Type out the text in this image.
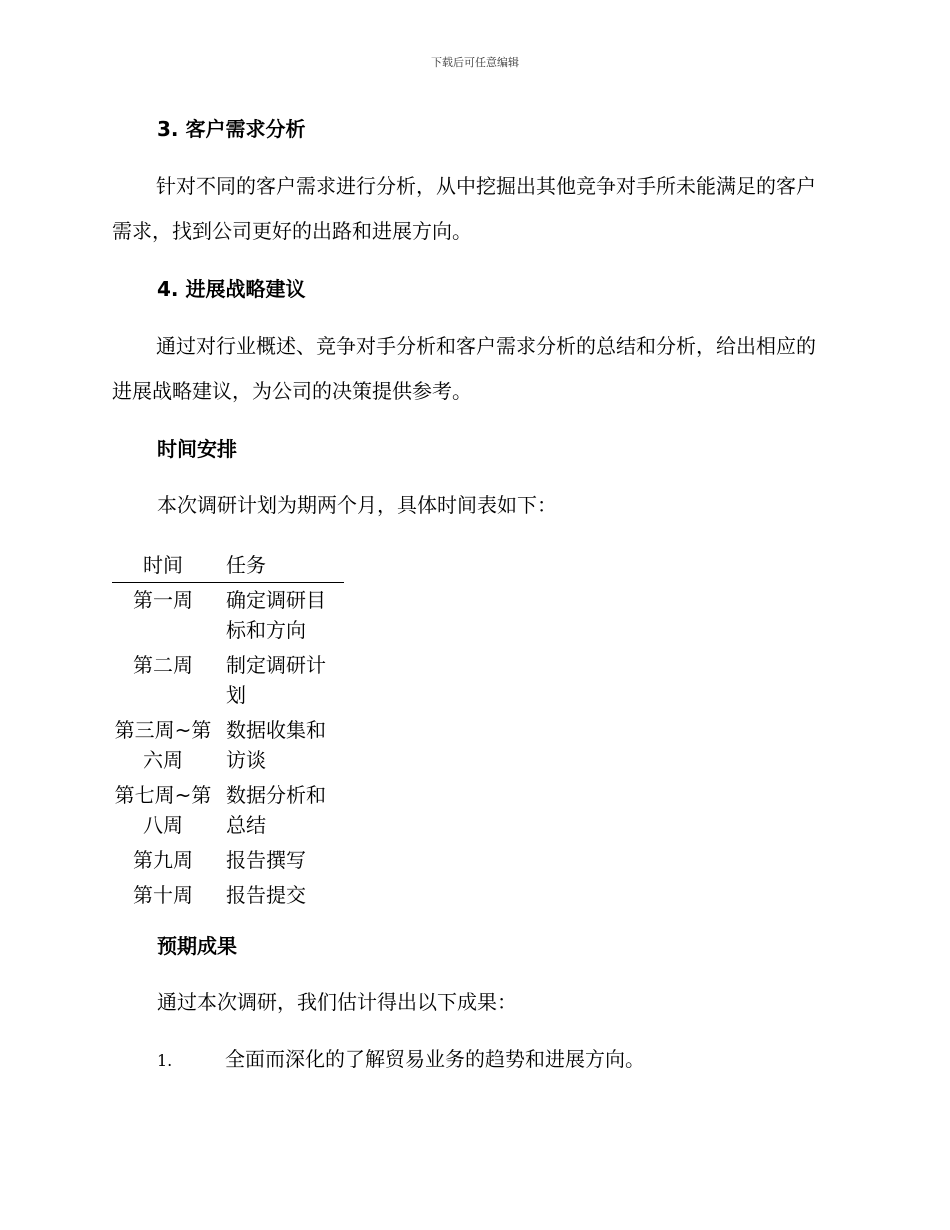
下载后可任意编辑
3. 客户需求分析
针对不同的客户需求进行分析，从中挖掘出其他竞争对手所未能满足的客户需求，找到公司更好的出路和进展方向。
4. 进展战略建议
通过对行业概述、竞争对手分析和客户需求分析的总结和分析，给出相应的进展战略建议，为公司的决策提供参考。
时间安排
本次调研计划为期两个月，具体时间表如下：
时间	任务
第一周	确定调研目标和方向
第二周	制定调研计划
第三周~第六周	数据收集和访谈
第七周~第八周	数据分析和总结
第九周	报告撰写
第十周	报告提交
预期成果
通过本次调研，我们估计得出以下成果：
1.	全面而深化的了解贸易业务的趋势和进展方向。
